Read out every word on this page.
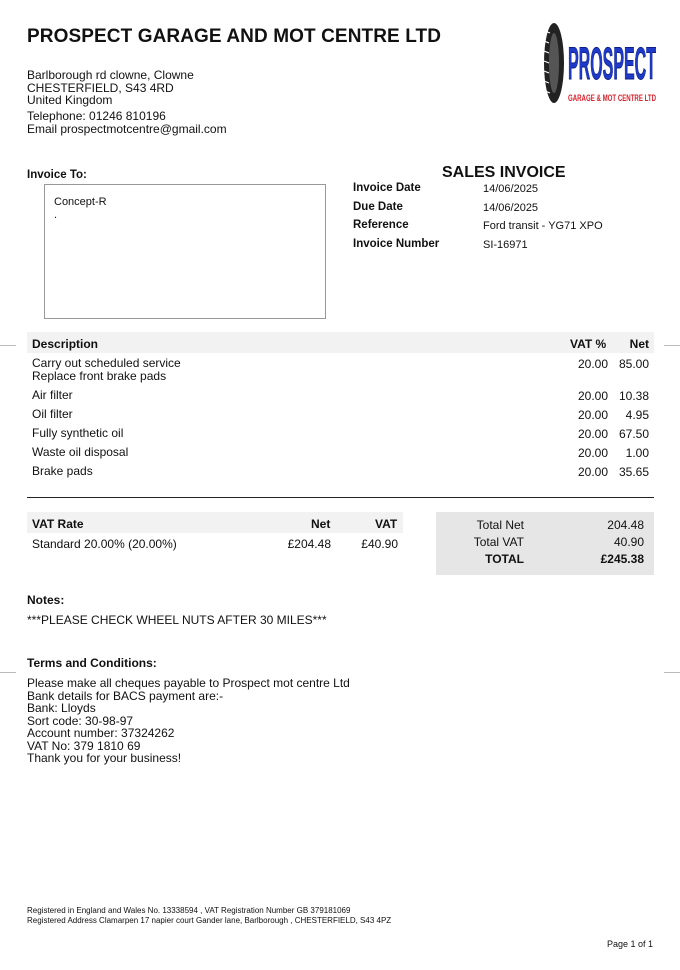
PROSPECT GARAGE AND MOT CENTRE LTD
Barlborough rd clowne, Clowne
CHESTERFIELD, S43 4RD
United Kingdom
Telephone: 01246 810196
Email prospectmotcentre@gmail.com
PROSPECT
GARAGE & MOT CENTRE LTD
Invoice To:
Concept-R
.
SALES INVOICE
Invoice Date	14/06/2025
Due Date	14/06/2025
Reference	Ford transit - YG71 XPO
Invoice Number	SI-16971
Description	VAT % Net
Carry out scheduled service
Replace front brake pads
20.00 85.00
Air filter	20.00 10.38
Oil filter	20.00 4.95
Fully synthetic oil	20.00 67.50
Waste oil disposal	20.00 1.00
Brake pads	20.00 35.65
VAT Rate	Net	VAT
Standard 20.00% (20.00%)	£204.48	£40.90
Total Net	204.48
Total VAT	40.90
TOTAL	£245.38
Notes:
***PLEASE CHECK WHEEL NUTS AFTER 30 MILES***
Terms and Conditions:
Please make all cheques payable to Prospect mot centre Ltd
Bank details for BACS payment are:-
Bank: Lloyds
Sort code: 30-98-97
Account number: 37324262
VAT No: 379 1810 69
Thank you for your business!
Registered in England and Wales No. 13338594 , VAT Registration Number GB 379181069
Registered Address Clamarpen 17 napier court Gander lane, Barlborough , CHESTERFIELD, S43 4PZ
Page 1 of 1
